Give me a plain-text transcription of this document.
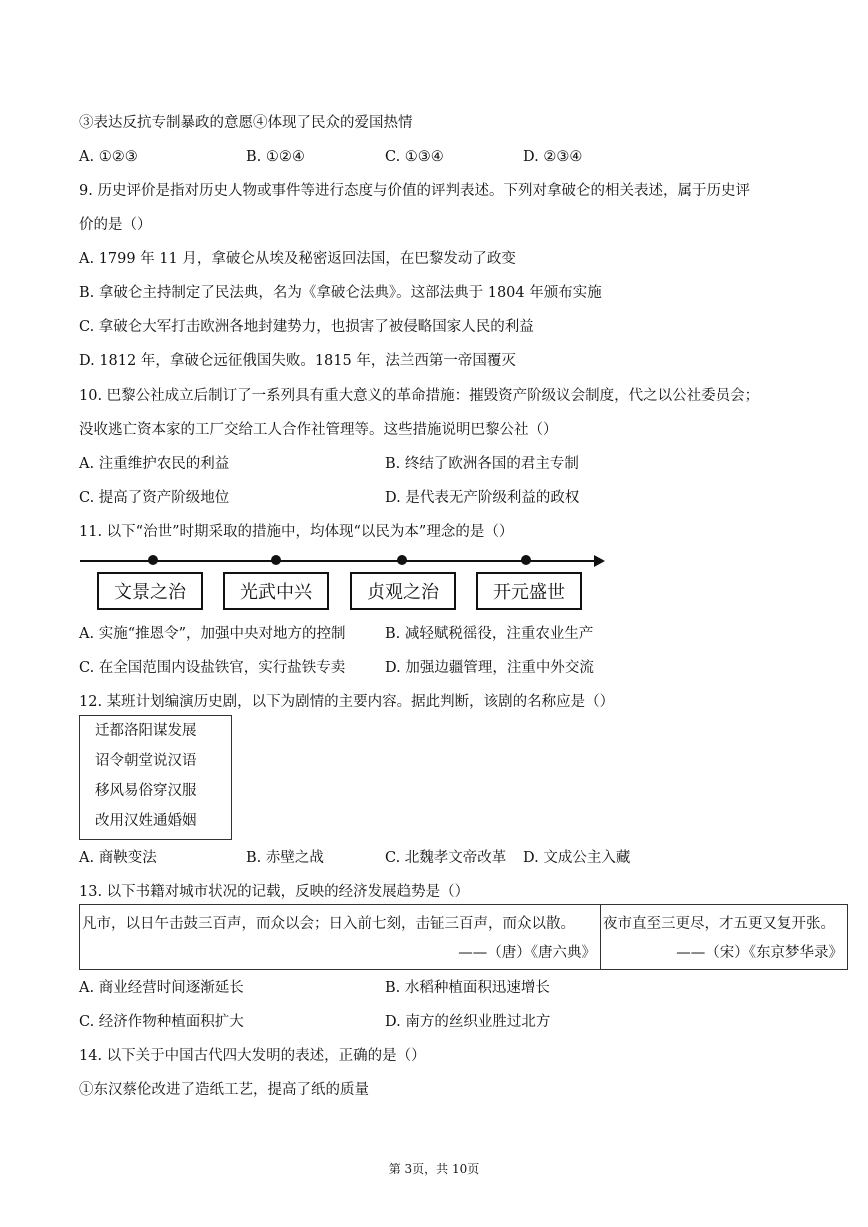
③表达反抗专制暴政的意愿④体现了民众的爱国热情
A. ①②③	B. ①②④	C. ①③④	D. ②③④
9. 历史评价是指对历史人物或事件等进行态度与价值的评判表述。下列对拿破仑的相关表述，属于历史评
价的是（）
A. 1799 年 11 月，拿破仑从埃及秘密返回法国，在巴黎发动了政变
B. 拿破仑主持制定了民法典，名为《拿破仑法典》。这部法典于 1804 年颁布实施
C. 拿破仑大军打击欧洲各地封建势力，也损害了被侵略国家人民的利益
D. 1812 年，拿破仑远征俄国失败。1815 年，法兰西第一帝国覆灭
10. 巴黎公社成立后制订了一系列具有重大意义的革命措施：摧毁资产阶级议会制度，代之以公社委员会；
没收逃亡资本家的工厂交给工人合作社管理等。这些措施说明巴黎公社（）
A. 注重维护农民的利益	B. 终结了欧洲各国的君主专制
C. 提高了资产阶级地位	D. 是代表无产阶级利益的政权
11. 以下“治世”时期采取的措施中，均体现“以民为本”理念的是（）
文景之治	光武中兴	贞观之治	开元盛世
A. 实施“推恩令”，加强中央对地方的控制	B. 减轻赋税徭役，注重农业生产
C. 在全国范围内设盐铁官，实行盐铁专卖	D. 加强边疆管理，注重中外交流
12. 某班计划编演历史剧，以下为剧情的主要内容。据此判断，该剧的名称应是（）
迁都洛阳谋发展
诏令朝堂说汉语
移风易俗穿汉服
改用汉姓通婚姻
A. 商鞅变法	B. 赤壁之战	C. 北魏孝文帝改革 D. 文成公主入藏
13. 以下书籍对城市状况的记载，反映的经济发展趋势是（）
凡市，以日午击鼓三百声，而众以会；日入前七刻，击钲三百声，而众以散。
——（唐）《唐六典》
夜市直至三更尽，才五更又复开张。
——（宋）《东京梦华录》
A. 商业经营时间逐渐延长	B. 水稻种植面积迅速增长
C. 经济作物种植面积扩大	D. 南方的丝织业胜过北方
14. 以下关于中国古代四大发明的表述，正确的是（）
①东汉蔡伦改进了造纸工艺，提高了纸的质量
第 3页，共 10页
